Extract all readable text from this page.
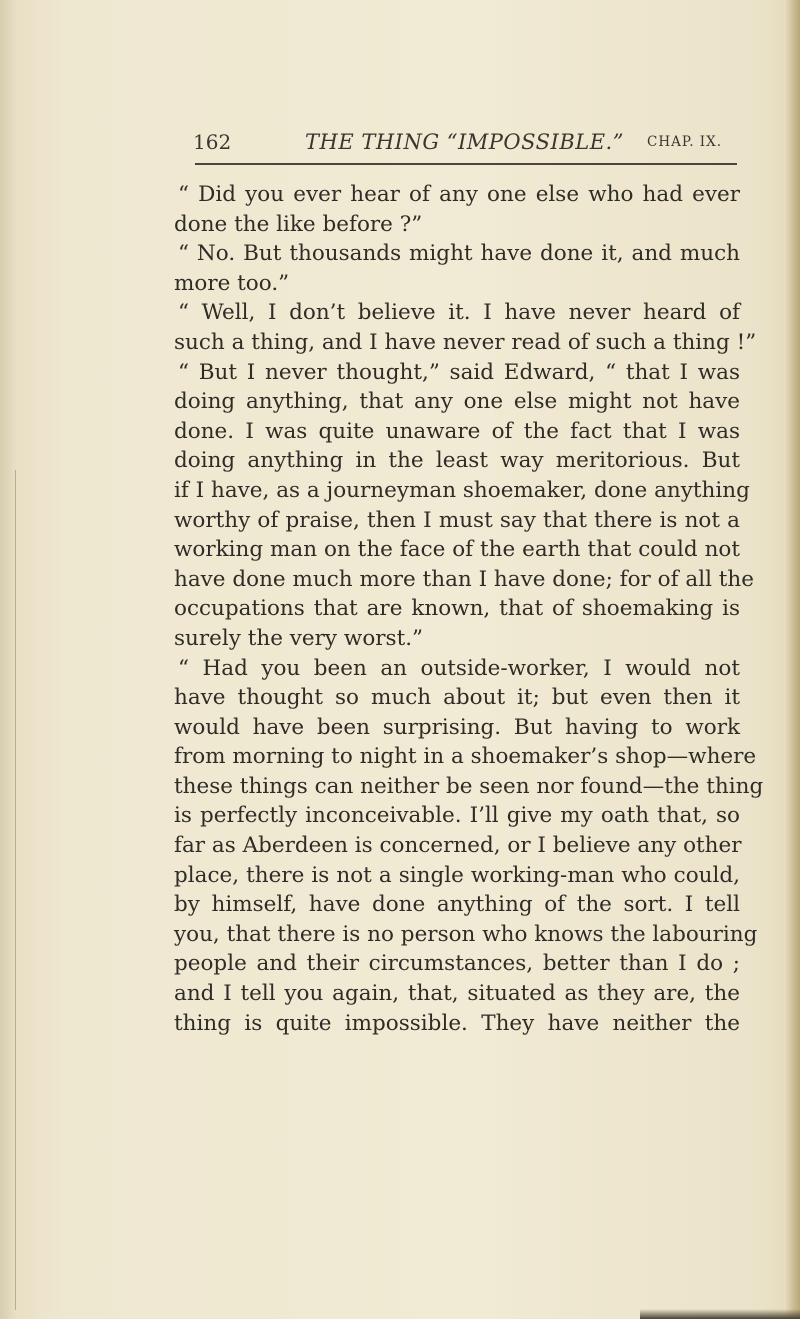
162	THE THING “IMPOSSIBLE.” CHAP. IX.
“ Did you ever hear of any one else who had ever
done the like before ?”
“ No. But thousands might have done it, and much
more too.”
“ Well, I don’t believe it. I have never heard of
such a thing, and I have never read of such a thing !”
“ But I never thought,” said Edward, “ that I was
doing anything, that any one else might not have
done. I was quite unaware of the fact that I was
doing anything in the least way meritorious. But
if I have, as a journeyman shoemaker, done anything
worthy of praise, then I must say that there is not a
working man on the face of the earth that could not
have done much more than I have done; for of all the
occupations that are known, that of shoemaking is
surely the very worst.”
“ Had you been an outside-worker, I would not
have thought so much about it; but even then it
would have been surprising. But having to work
from morning to night in a shoemaker’s shop—where
these things can neither be seen nor found—the thing
is perfectly inconceivable. I’ll give my oath that, so
far as Aberdeen is concerned, or I believe any other
place, there is not a single working-man who could,
by himself, have done anything of the sort. I tell
you, that there is no person who knows the labouring
people and their circumstances, better than I do ;
and I tell you again, that, situated as they are, the
thing is quite impossible. They have neither the
